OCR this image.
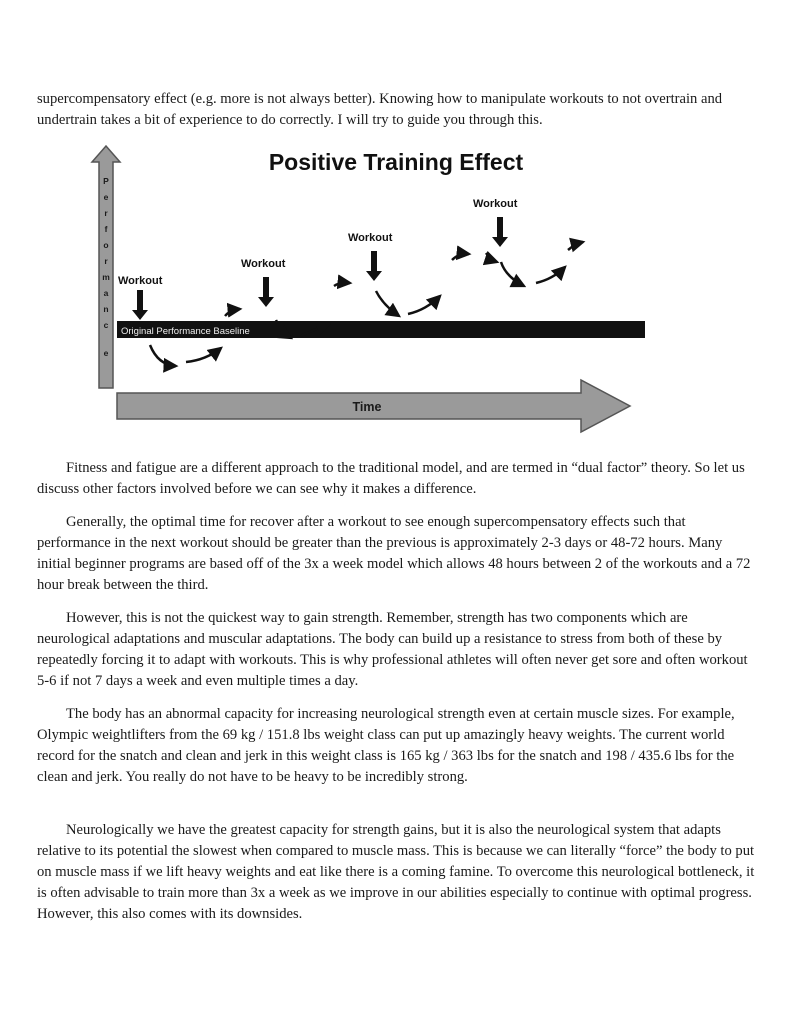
supercompensatory effect (e.g. more is not always better). Knowing how to manipulate workouts to not overtrain and undertrain takes a bit of experience to do correctly. I will try to guide you through this.

P
e
r
f
o
r
m
a
n
c
e
Time
Positive Training Effect
Original Performance Baseline
Workout
Workout
Workout
Workout

Fitness and fatigue are a different approach to the traditional model, and are termed in “dual factor” theory. So let us discuss other factors involved before we can see why it makes a difference.

Generally, the optimal time for recover after a workout to see enough supercompensatory effects such that performance in the next workout should be greater than the previous is approximately 2-3 days or 48-72 hours. Many initial beginner programs are based off of the 3x a week model which allows 48 hours between 2 of the workouts and a 72 hour break between the third.

However, this is not the quickest way to gain strength. Remember, strength has two components which are neurological adaptations and muscular adaptations. The body can build up a resistance to stress from both of these by repeatedly forcing it to adapt with workouts. This is why professional athletes will often never get sore and often workout 5-6 if not 7 days a week and even multiple times a day.

The body has an abnormal capacity for increasing neurological strength even at certain muscle sizes. For example, Olympic weightlifters from the 69 kg / 151.8 lbs weight class can put up amazingly heavy weights. The current world record for the snatch and clean and jerk in this weight class is 165 kg / 363 lbs for the snatch and 198 / 435.6 lbs for the clean and jerk. You really do not have to be heavy to be incredibly strong.

Neurologically we have the greatest capacity for strength gains, but it is also the neurological system that adapts relative to its potential the slowest when compared to muscle mass. This is because we can literally “force” the body to put on muscle mass if we lift heavy weights and eat like there is a coming famine. To overcome this neurological bottleneck, it is often advisable to train more than 3x a week as we improve in our abilities especially to continue with optimal progress. However, this also comes with its downsides.
